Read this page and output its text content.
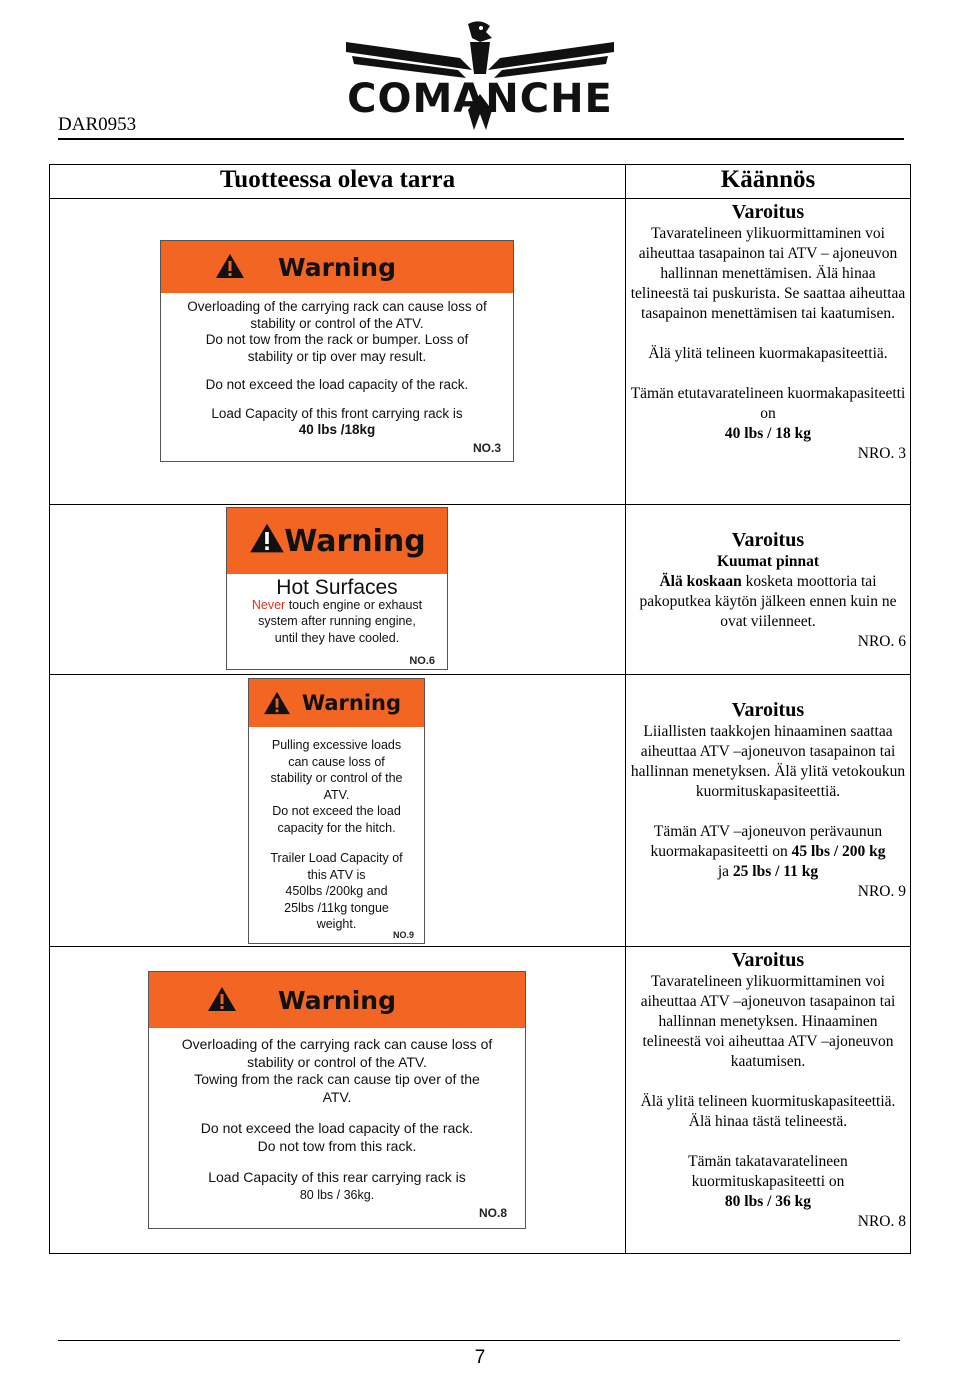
DAR0953
COMANCHE
Tuotteessa oleva tarra	Käännös
Warning
Overloading of the carrying rack can cause loss of
stability or control of the ATV.
Do not tow from the rack or bumper. Loss of
stability or tip over may result.
Do not exceed the load capacity of the rack.
Load Capacity of this front carrying rack is
40 lbs /18kg
NO.3
Varoitus
Tavaratelineen ylikuormittaminen voi aiheuttaa tasapainon tai ATV – ajoneuvon hallinnan menettämisen. Älä hinaa telineestä tai puskurista. Se saattaa aiheuttaa tasapainon menettämisen tai kaatumisen.
Älä ylitä telineen kuormakapasiteettiä.
Tämän etutavaratelineen kuormakapasiteetti on
40 lbs / 18 kg
NRO. 3
Warning
Hot Surfaces
Never touch engine or exhaust
system after running engine,
until they have cooled.
NO.6
Varoitus
Kuumat pinnat
Älä koskaan kosketa moottoria tai pakoputkea käytön jälkeen ennen kuin ne ovat viilenneet.
NRO. 6
Warning
Pulling excessive loads
can cause loss of
stability or control of the
ATV.
Do not exceed the load
capacity for the hitch.
Trailer Load Capacity of
this ATV is
450lbs /200kg and
25lbs /11kg tongue
weight.
NO.9
Varoitus
Liiallisten taakkojen hinaaminen saattaa aiheuttaa ATV –ajoneuvon tasapainon tai hallinnan menetyksen. Älä ylitä vetokoukun kuormituskapasiteettiä.
Tämän ATV –ajoneuvon perävaunun kuormakapasiteetti on 45 lbs / 200 kg
ja 25 lbs / 11 kg
NRO. 9
Warning
Overloading of the carrying rack can cause loss of
stability or control of the ATV.
Towing from the rack can cause tip over of the
ATV.
Do not exceed the load capacity of the rack.
Do not tow from this rack.
Load Capacity of this rear carrying rack is
80 lbs / 36kg.
NO.8
Varoitus
Tavaratelineen ylikuormittaminen voi aiheuttaa ATV –ajoneuvon tasapainon tai hallinnan menetyksen. Hinaaminen telineestä voi aiheuttaa ATV –ajoneuvon kaatumisen.
Älä ylitä telineen kuormituskapasiteettiä.
Älä hinaa tästä telineestä.
Tämän takatavaratelineen kuormituskapasiteetti on
80 lbs / 36 kg
NRO. 8
7
